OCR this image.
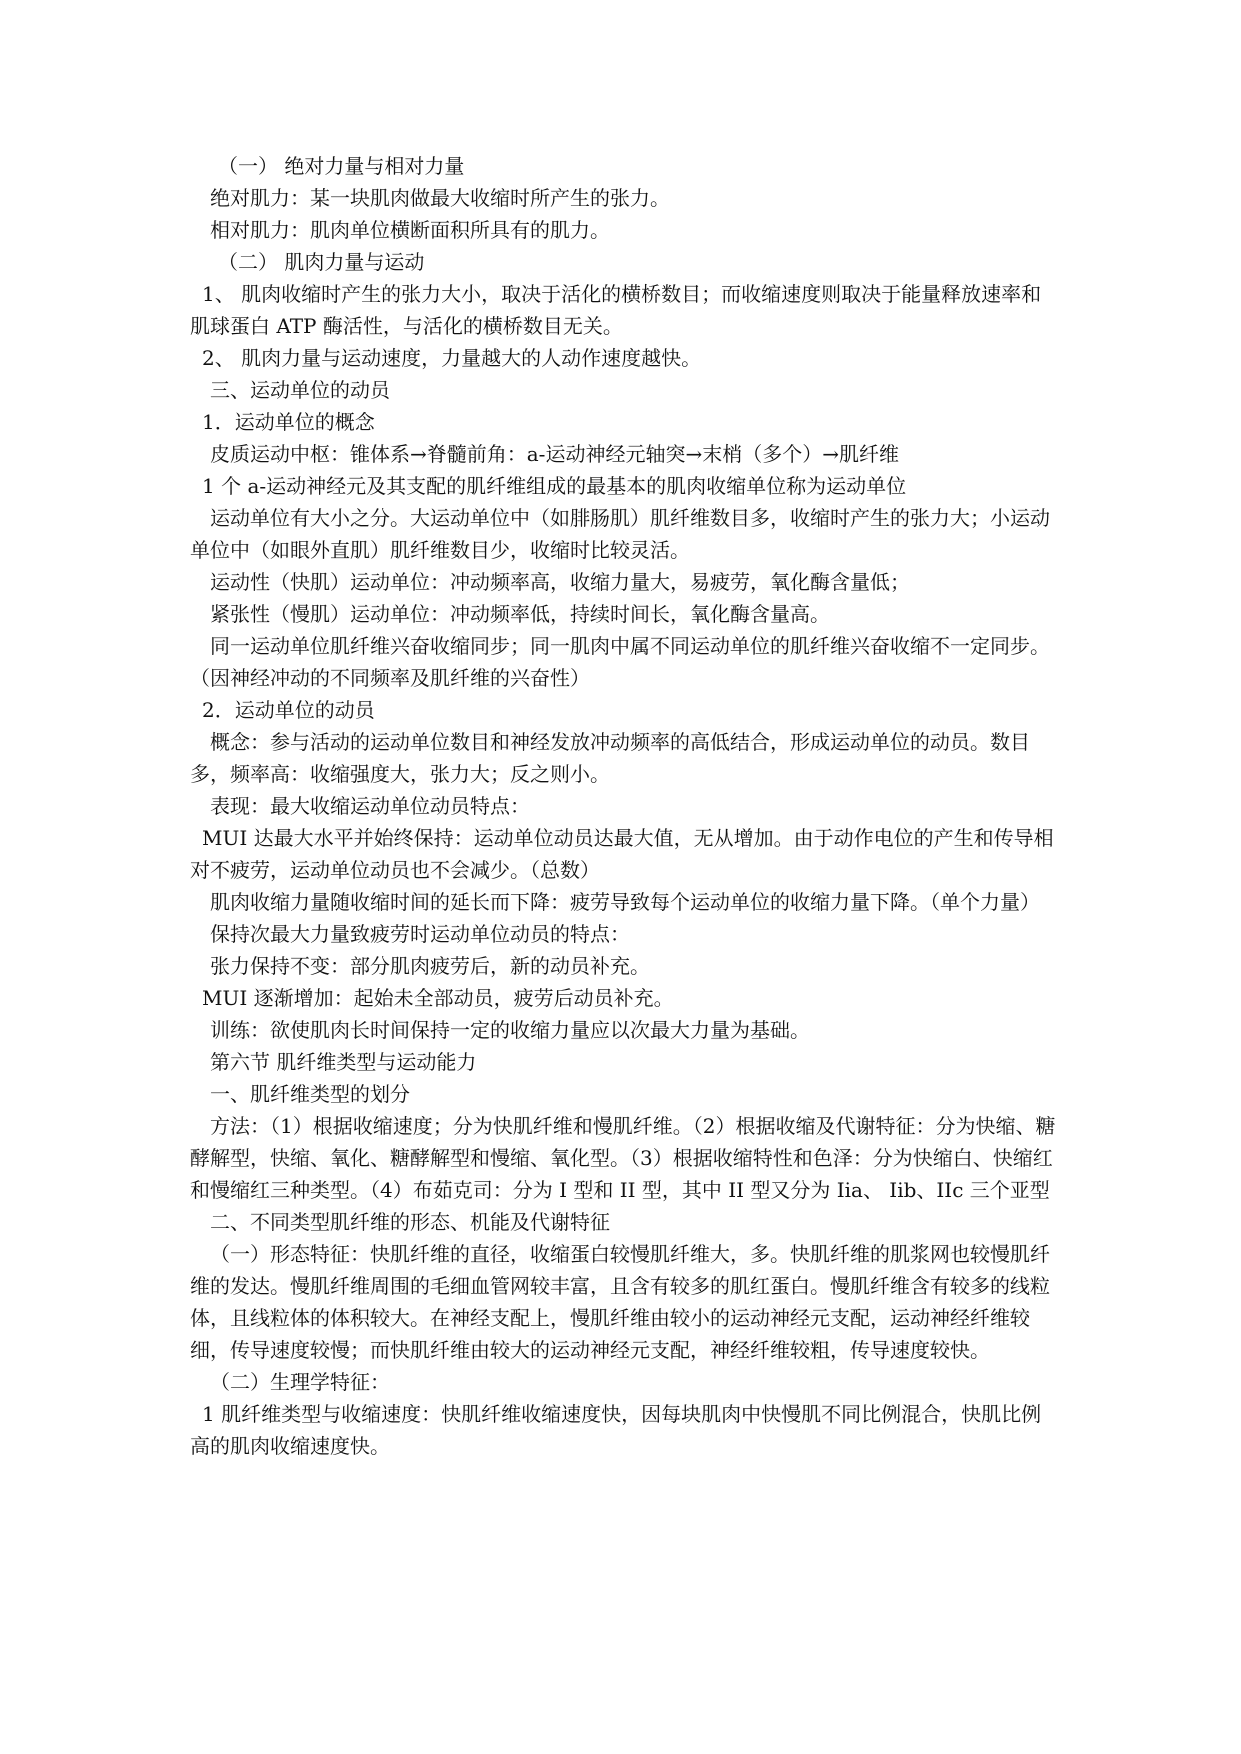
（一） 绝对力量与相对力量

绝对肌力：某一块肌肉做最大收缩时所产生的张力。

相对肌力：肌肉单位横断面积所具有的肌力。

（二） 肌肉力量与运动

1、 肌肉收缩时产生的张力大小，取决于活化的横桥数目；而收缩速度则取决于能量释放速率和肌球蛋白 ATP 酶活性，与活化的横桥数目无关。

2、 肌肉力量与运动速度，力量越大的人动作速度越快。

三、运动单位的动员

1．运动单位的概念

皮质运动中枢：锥体系→脊髓前角：a-运动神经元轴突→末梢（多个）→肌纤维

1 个 a-运动神经元及其支配的肌纤维组成的最基本的肌肉收缩单位称为运动单位

运动单位有大小之分。大运动单位中（如腓肠肌）肌纤维数目多，收缩时产生的张力大；小运动单位中（如眼外直肌）肌纤维数目少，收缩时比较灵活。

运动性（快肌）运动单位：冲动频率高，收缩力量大，易疲劳，氧化酶含量低；

紧张性（慢肌）运动单位：冲动频率低，持续时间长，氧化酶含量高。

同一运动单位肌纤维兴奋收缩同步；同一肌肉中属不同运动单位的肌纤维兴奋收缩不一定同步。（因神经冲动的不同频率及肌纤维的兴奋性）

2．运动单位的动员

概念：参与活动的运动单位数目和神经发放冲动频率的高低结合，形成运动单位的动员。数目多，频率高：收缩强度大，张力大；反之则小。

表现：最大收缩运动单位动员特点：

MUI 达最大水平并始终保持：运动单位动员达最大值，无从增加。由于动作电位的产生和传导相对不疲劳，运动单位动员也不会减少。（总数）

肌肉收缩力量随收缩时间的延长而下降：疲劳导致每个运动单位的收缩力量下降。（单个力量）

保持次最大力量致疲劳时运动单位动员的特点：

张力保持不变：部分肌肉疲劳后，新的动员补充。

MUI 逐渐增加：起始未全部动员，疲劳后动员补充。

训练：欲使肌肉长时间保持一定的收缩力量应以次最大力量为基础。

第六节 肌纤维类型与运动能力

一、肌纤维类型的划分

方法：（1）根据收缩速度；分为快肌纤维和慢肌纤维。（2）根据收缩及代谢特征：分为快缩、糖酵解型，快缩、氧化、糖酵解型和慢缩、氧化型。（3）根据收缩特性和色泽：分为快缩白、快缩红和慢缩红三种类型。（4）布茹克司：分为 I 型和 II 型，其中 II 型又分为 Iia、 Iib、IIc 三个亚型

二、不同类型肌纤维的形态、机能及代谢特征

（一）形态特征：快肌纤维的直径，收缩蛋白较慢肌纤维大，多。快肌纤维的肌浆网也较慢肌纤维的发达。慢肌纤维周围的毛细血管网较丰富，且含有较多的肌红蛋白。慢肌纤维含有较多的线粒体，且线粒体的体积较大。在神经支配上，慢肌纤维由较小的运动神经元支配，运动神经纤维较细，传导速度较慢；而快肌纤维由较大的运动神经元支配，神经纤维较粗，传导速度较快。

（二）生理学特征：

1 肌纤维类型与收缩速度：快肌纤维收缩速度快，因每块肌肉中快慢肌不同比例混合，快肌比例高的肌肉收缩速度快。
